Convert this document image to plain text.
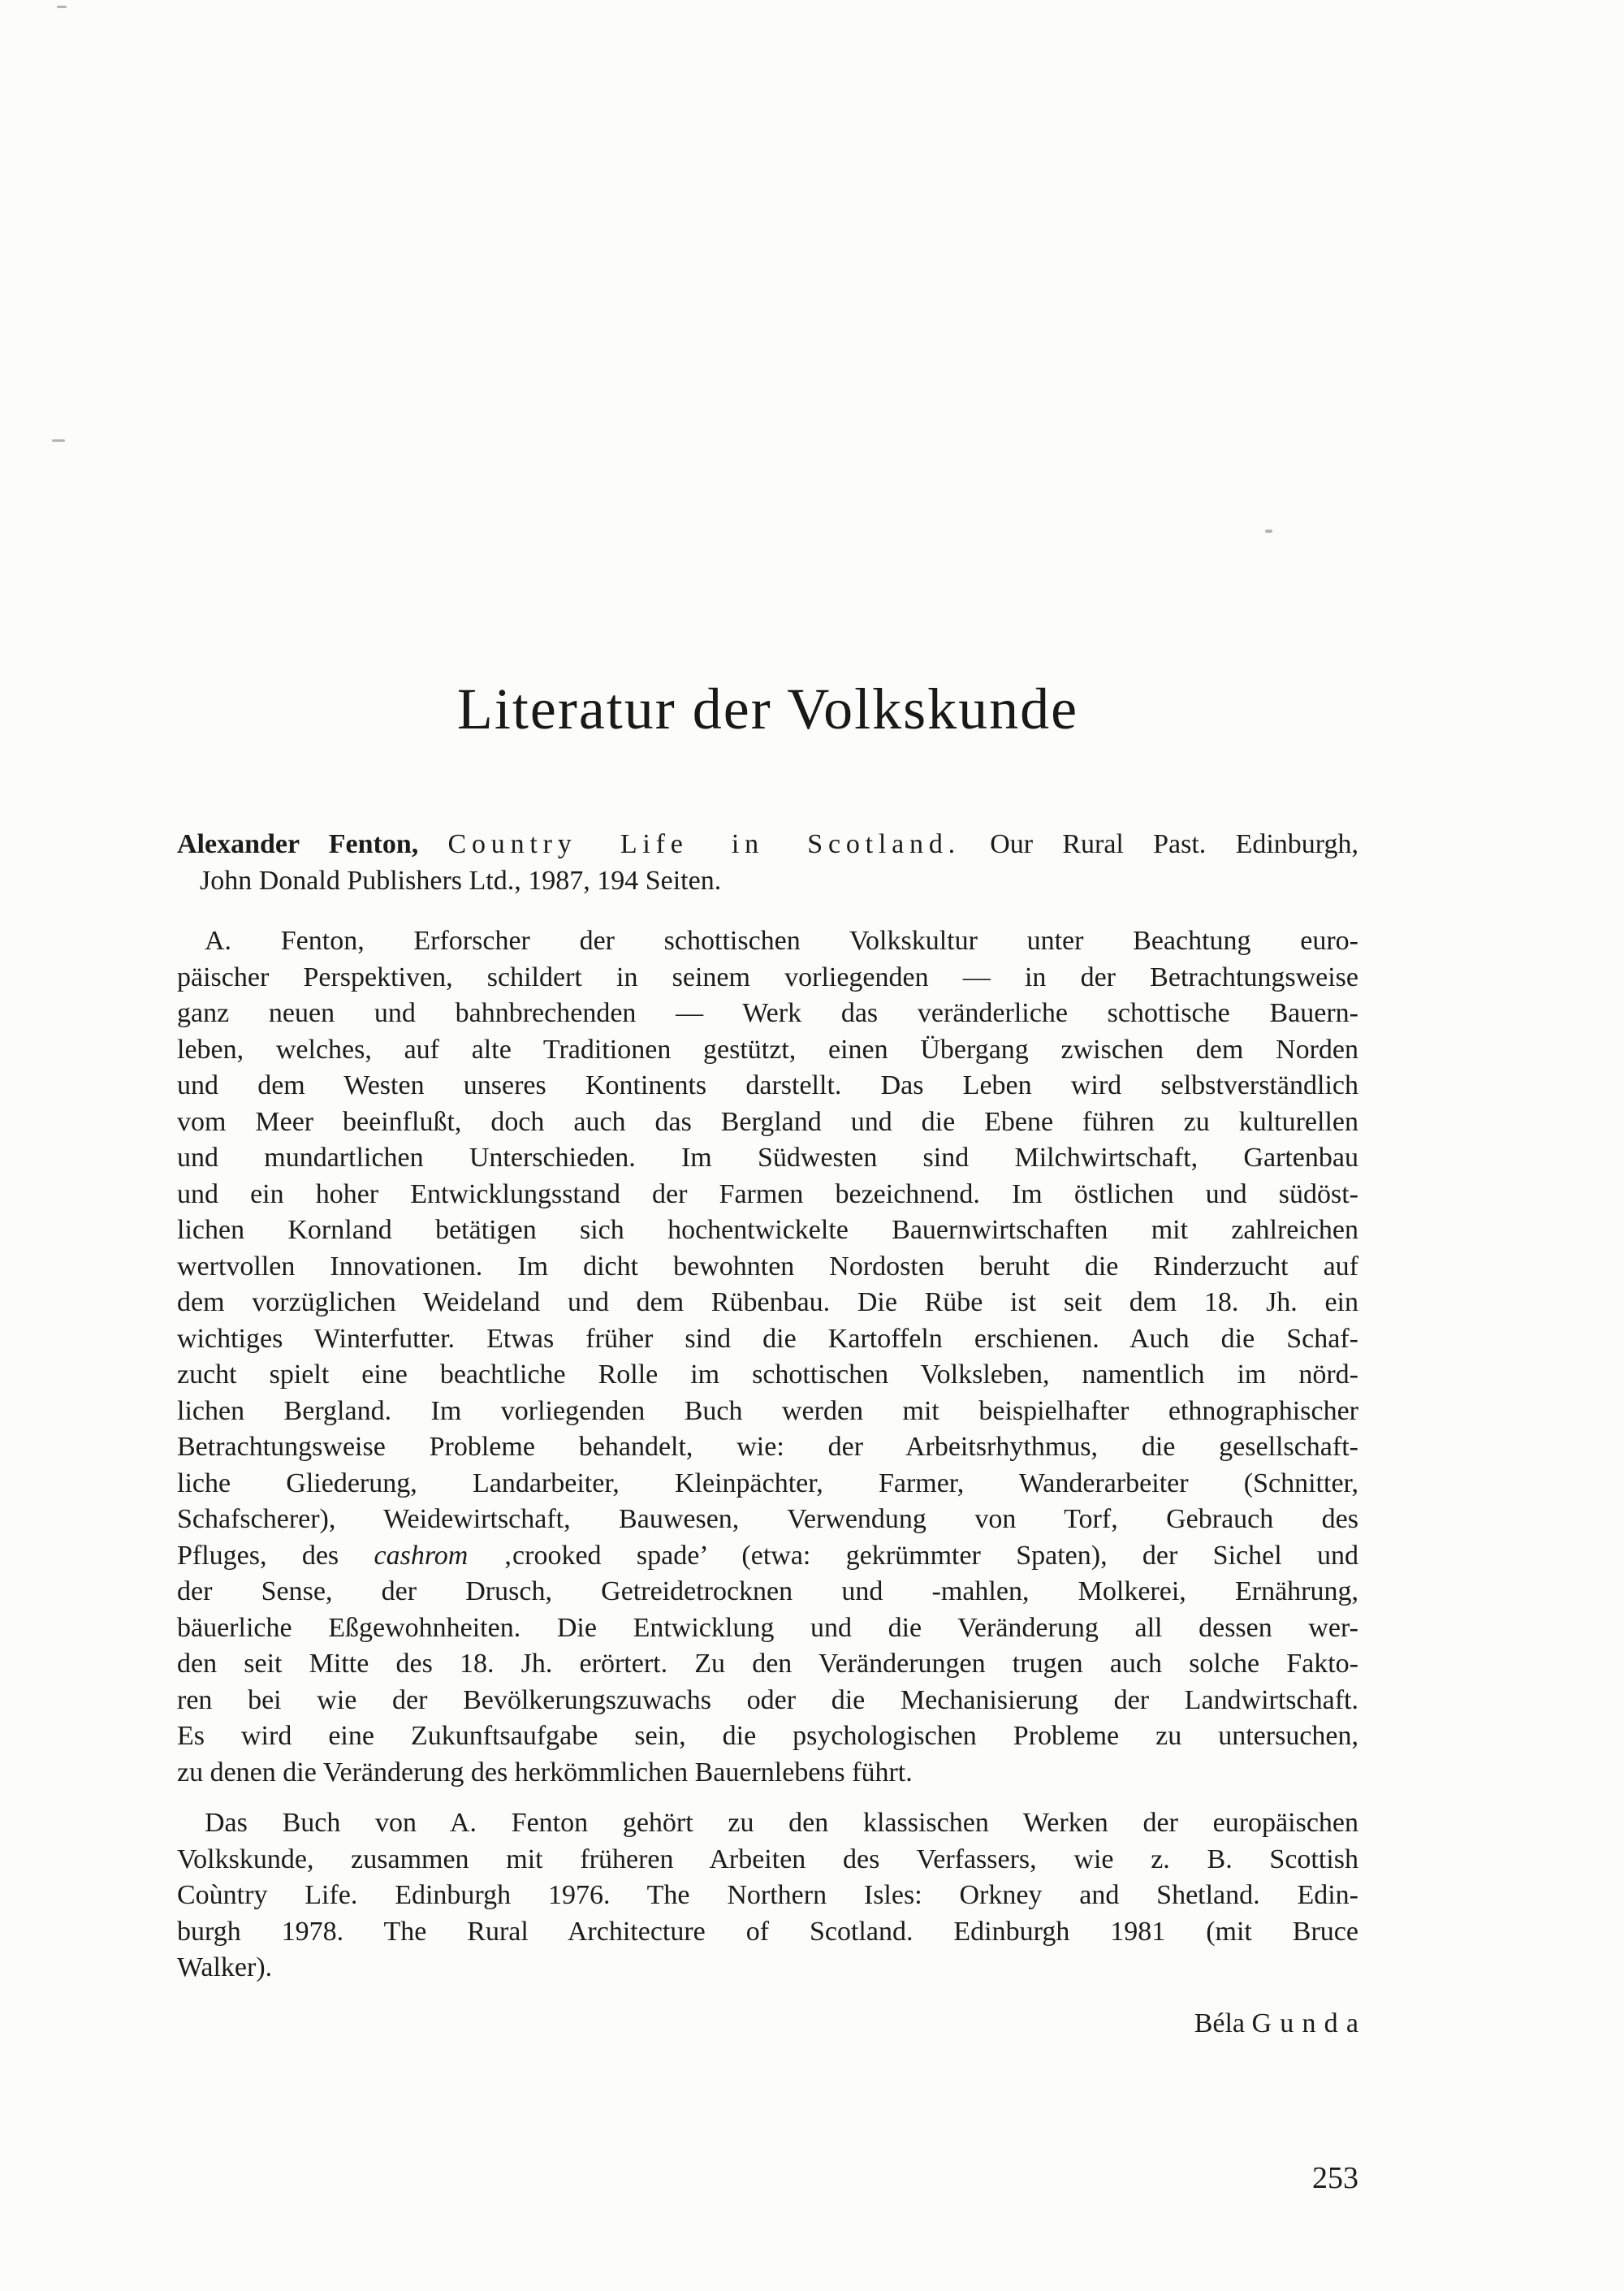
Literatur der Volkskunde
Alexander Fenton, Country Life in Scotland. Our Rural Past. Edinburgh,
John Donald Publishers Ltd., 1987, 194 Seiten.
A. Fenton, Erforscher der schottischen Volkskultur unter Beachtung euro-
päischer Perspektiven, schildert in seinem vorliegenden — in der Betrachtungsweise
ganz neuen und bahnbrechenden — Werk das veränderliche schottische Bauern-
leben, welches, auf alte Traditionen gestützt, einen Übergang zwischen dem Norden
und dem Westen unseres Kontinents darstellt. Das Leben wird selbstverständlich
vom Meer beeinflußt, doch auch das Bergland und die Ebene führen zu kulturellen
und mundartlichen Unterschieden. Im Südwesten sind Milchwirtschaft, Gartenbau
und ein hoher Entwicklungsstand der Farmen bezeichnend. Im östlichen und südöst-
lichen Kornland betätigen sich hochentwickelte Bauernwirtschaften mit zahlreichen
wertvollen Innovationen. Im dicht bewohnten Nordosten beruht die Rinderzucht auf
dem vorzüglichen Weideland und dem Rübenbau. Die Rübe ist seit dem 18. Jh. ein
wichtiges Winterfutter. Etwas früher sind die Kartoffeln erschienen. Auch die Schaf-
zucht spielt eine beachtliche Rolle im schottischen Volksleben, namentlich im nörd-
lichen Bergland. Im vorliegenden Buch werden mit beispielhafter ethnographischer
Betrachtungsweise Probleme behandelt, wie: der Arbeitsrhythmus, die gesellschaft-
liche Gliederung, Landarbeiter, Kleinpächter, Farmer, Wanderarbeiter (Schnitter,
Schafscherer), Weidewirtschaft, Bauwesen, Verwendung von Torf, Gebrauch des
Pfluges, des cashrom ‚crooked spade’ (etwa: gekrümmter Spaten), der Sichel und
der Sense, der Drusch, Getreidetrocknen und -mahlen, Molkerei, Ernährung,
bäuerliche Eßgewohnheiten. Die Entwicklung und die Veränderung all dessen wer-
den seit Mitte des 18. Jh. erörtert. Zu den Veränderungen trugen auch solche Fakto-
ren bei wie der Bevölkerungszuwachs oder die Mechanisierung der Landwirtschaft.
Es wird eine Zukunftsaufgabe sein, die psychologischen Probleme zu untersuchen,
zu denen die Veränderung des herkömmlichen Bauernlebens führt.
Das Buch von A. Fenton gehört zu den klassischen Werken der europäischen
Volkskunde, zusammen mit früheren Arbeiten des Verfassers, wie z. B. Scottish
Coùntry Life. Edinburgh 1976. The Northern Isles: Orkney and Shetland. Edin-
burgh 1978. The Rural Architecture of Scotland. Edinburgh 1981 (mit Bruce
Walker).
Béla Gunda
253
